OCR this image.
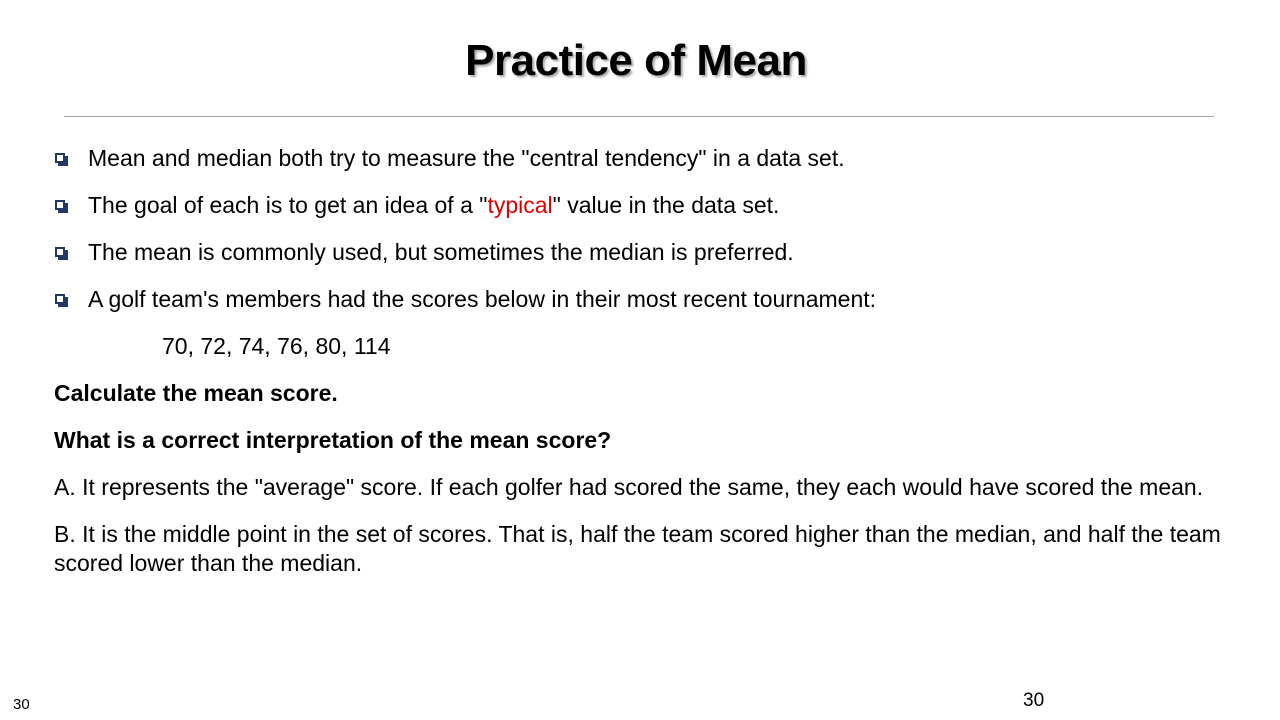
Practice of Mean
Mean and median both try to measure the "central tendency" in a data set.
The goal of each is to get an idea of a "typical" value in the data set.
The mean is commonly used, but sometimes the median is preferred.
A golf team's members had the scores below in their most recent tournament:
70, 72, 74, 76, 80, 114
Calculate the mean score.
What is a correct interpretation of the mean score?
A. It represents the "average" score. If each golfer had scored the same, they each would have scored the mean.
B. It is the middle point in the set of scores. That is, half the team scored higher than the median, and half the team scored lower than the median.
30	30
